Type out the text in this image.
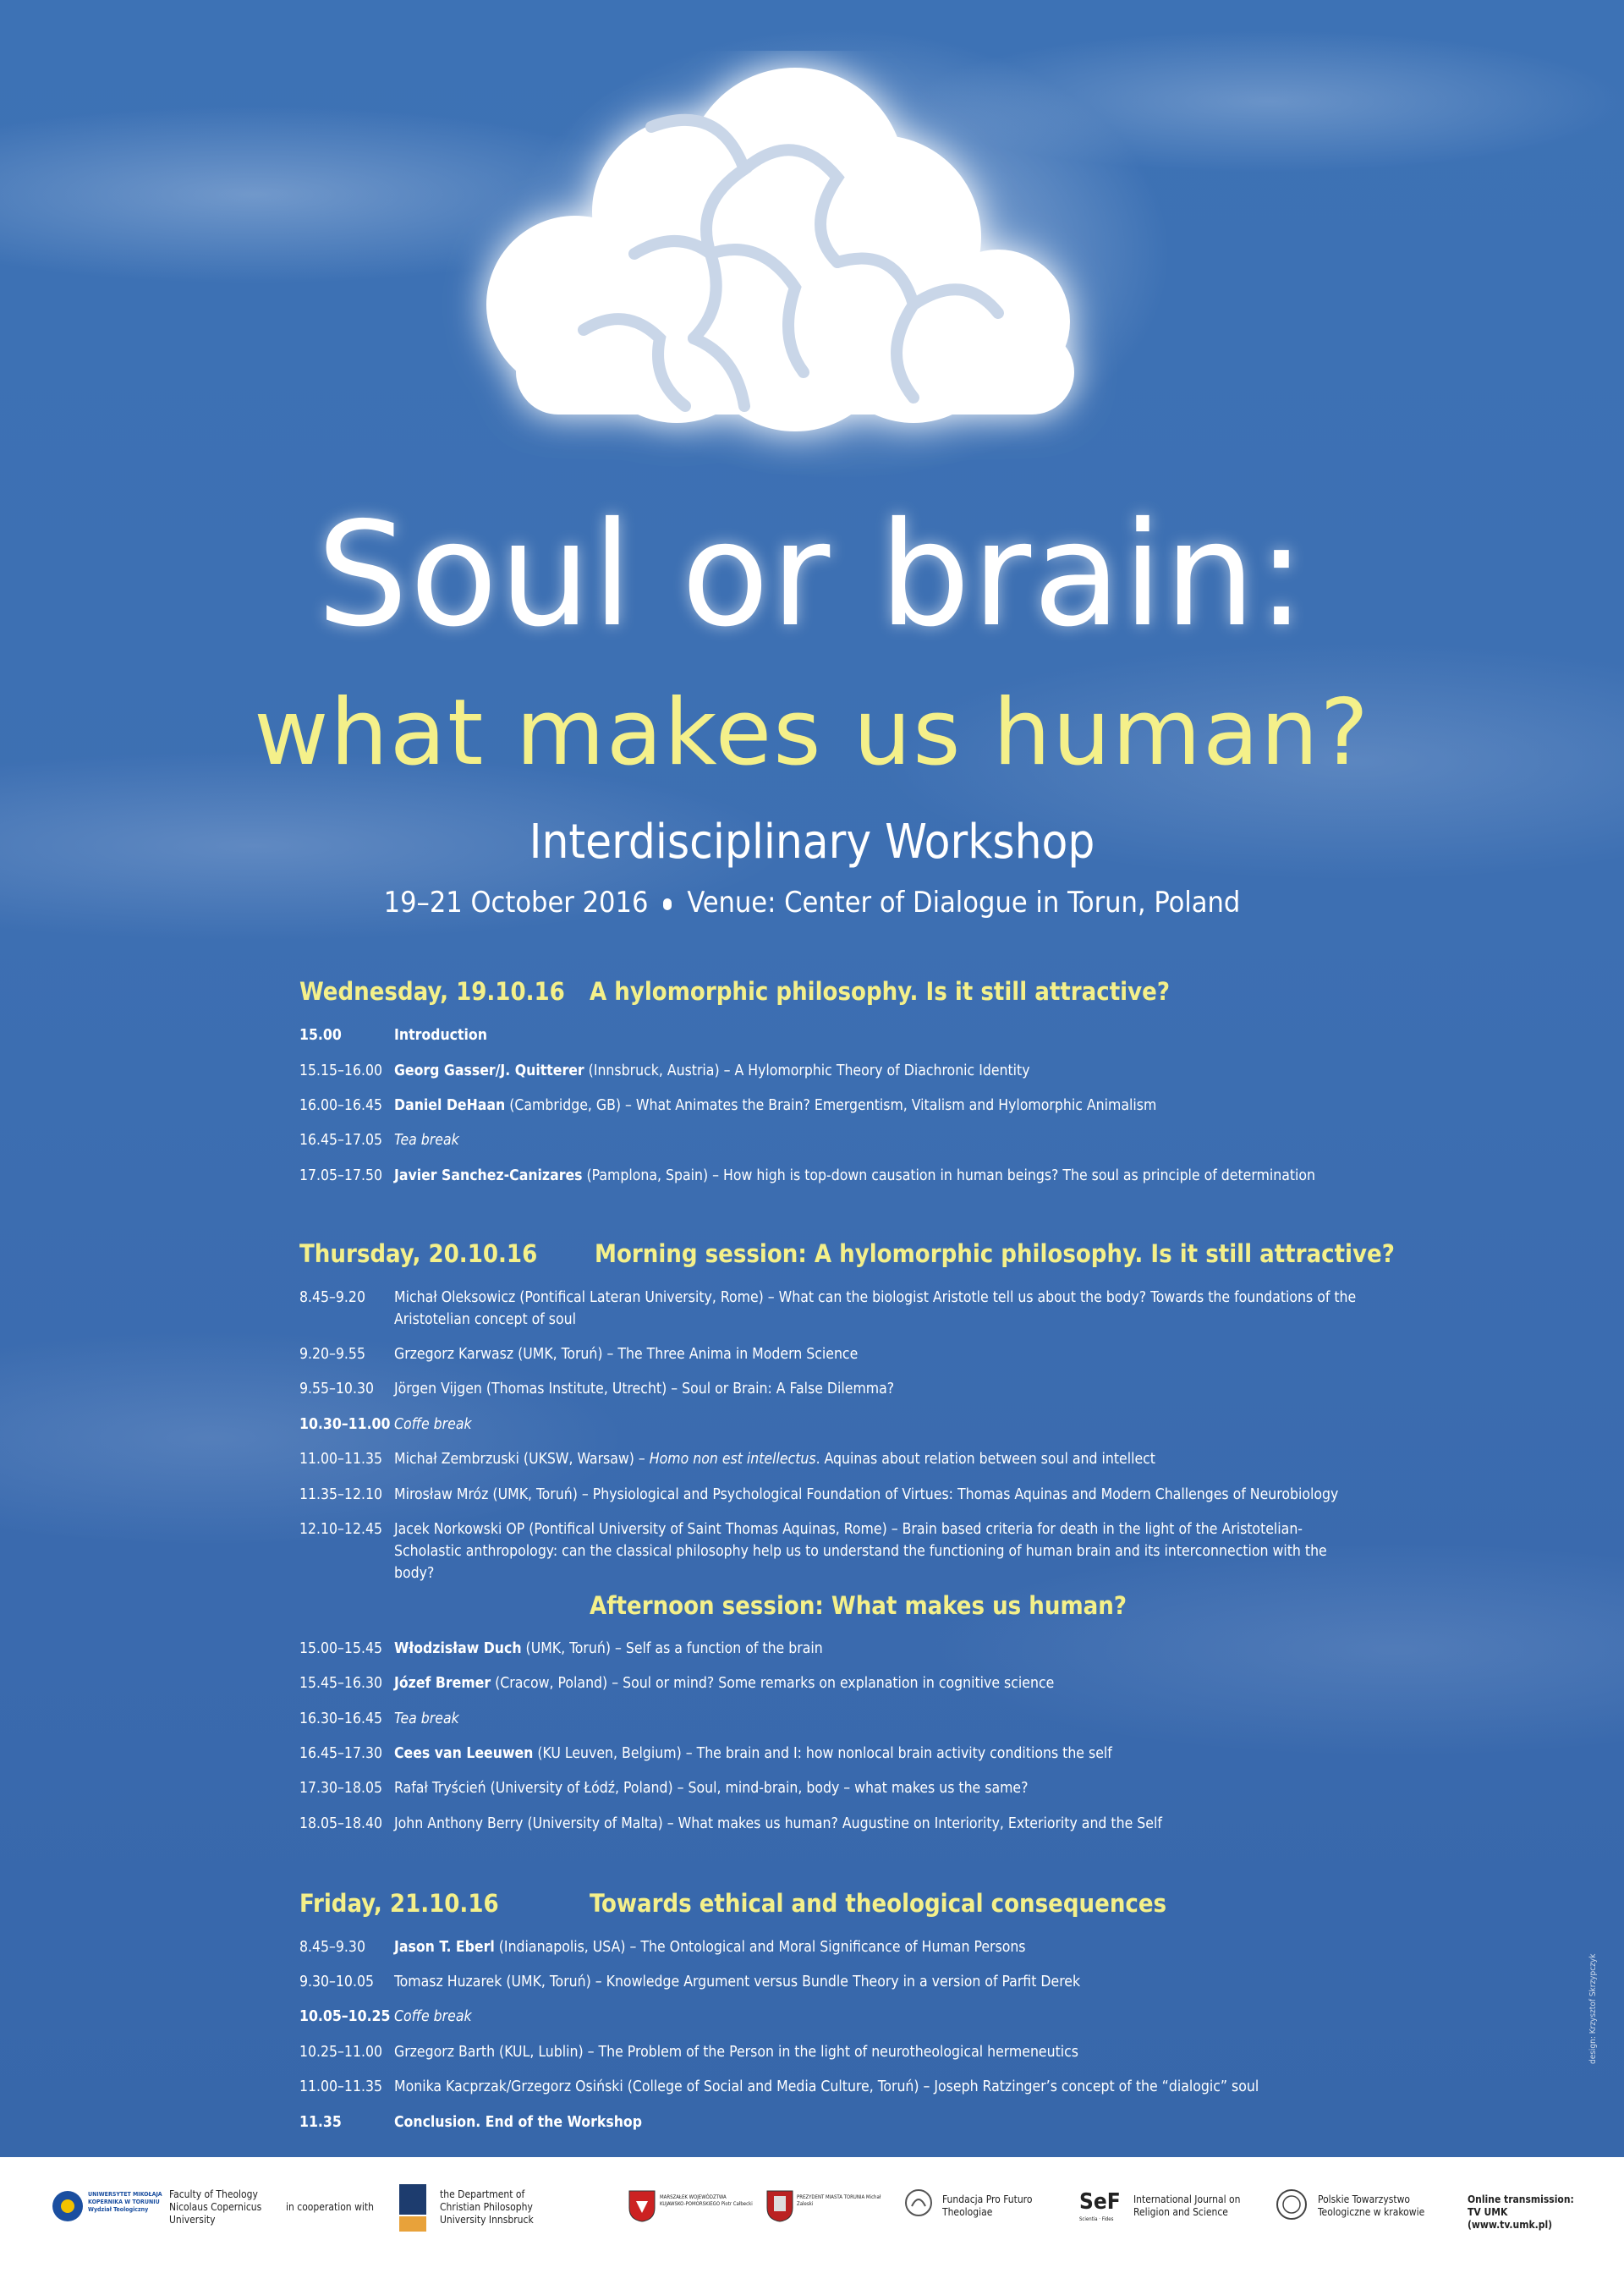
Soul or brain:
what makes us human?
Interdisciplinary Workshop
19–21 October 2016 Venue: Center of Dialogue in Torun, Poland
Wednesday, 19.10.16 A hylomorphic philosophy. Is it still attractive?
15.00	Introduction
15.15–16.00 Georg Gasser/J. Quitterer (Innsbruck, Austria) – A Hylomorphic Theory of Diachronic Identity
16.00–16.45 Daniel DeHaan (Cambridge, GB) – What Animates the Brain? Emergentism, Vitalism and Hylomorphic Animalism
16.45–17.05 Tea break
17.05–17.50 Javier Sanchez-Canizares (Pamplona, Spain) – How high is top-down causation in human beings? The soul as principle of determination
Thursday, 20.10.16 Morning session: A hylomorphic philosophy. Is it still attractive?
8.45–9.20	Michał Oleksowicz (Pontifical Lateran University, Rome) – What can the biologist Aristotle tell us about the body? Towards the foundations of the Aristotelian concept of soul
9.20–9.55	Grzegorz Karwasz (UMK, Toruń) – The Three Anima in Modern Science
9.55–10.30	Jörgen Vijgen (Thomas Institute, Utrecht) – Soul or Brain: A False Dilemma?
10.30–11.00 Coffe break
11.00–11.35 Michał Zembrzuski (UKSW, Warsaw) – Homo non est intellectus. Aquinas about relation between soul and intellect
11.35–12.10 Mirosław Mróz (UMK, Toruń) – Physiological and Psychological Foundation of Virtues: Thomas Aquinas and Modern Challenges of Neurobiology
12.10–12.45 Jacek Norkowski OP (Pontifical University of Saint Thomas Aquinas, Rome) – Brain based criteria for death in the light of the Aristotelian-Scholastic anthropology: can the classical philosophy help us to understand the functioning of human brain and its interconnection with the body?
Afternoon session: What makes us human?
15.00–15.45 Włodzisław Duch (UMK, Toruń) – Self as a function of the brain
15.45–16.30 Józef Bremer (Cracow, Poland) – Soul or mind? Some remarks on explanation in cognitive science
16.30–16.45 Tea break
16.45–17.30 Cees van Leeuwen (KU Leuven, Belgium) – The brain and I: how nonlocal brain activity conditions the self
17.30–18.05 Rafał Tryścień (University of Łódź, Poland) – Soul, mind-brain, body – what makes us the same?
18.05–18.40 John Anthony Berry (University of Malta) – What makes us human? Augustine on Interiority, Exteriority and the Self
Friday, 21.10.16	Towards ethical and theological consequences
8.45–9.30	Jason T. Eberl (Indianapolis, USA) – The Ontological and Moral Significance of Human Persons
9.30–10.05	Tomasz Huzarek (UMK, Toruń) – Knowledge Argument versus Bundle Theory in a version of Parfit Derek
10.05–10.25 Coffe break
10.25–11.00 Grzegorz Barth (KUL, Lublin) – The Problem of the Person in the light of neurotheological hermeneutics
11.00–11.35 Monika Kacprzak/Grzegorz Osiński (College of Social and Media Culture, Toruń) – Joseph Ratzinger’s concept of the “dialogic” soul
11.35	Conclusion. End of the Workshop
design: Krzysztof Skrzypczyk
UNIWERSYTET MIKOŁAJA KOPERNIKA W TORUNIU Wydział Teologiczny
Faculty of Theology Nicolaus Copernicus University
in cooperation with
the Department of Christian Philosophy University Innsbruck
MARSZAŁEK WOJEWÓDZTWA KUJAWSKO-POMORSKIEGO Piotr Całbecki
PREZYDENT MIASTA TORUNIA Michał Zaleski	Fundacja Pro Futuro Theologiae	SeF
Scientia · Fides
International Journal on Religion and Science
Polskie Towarzystwo Teologiczne w krakowie
Online transmission: TV UMK (www.tv.umk.pl)
